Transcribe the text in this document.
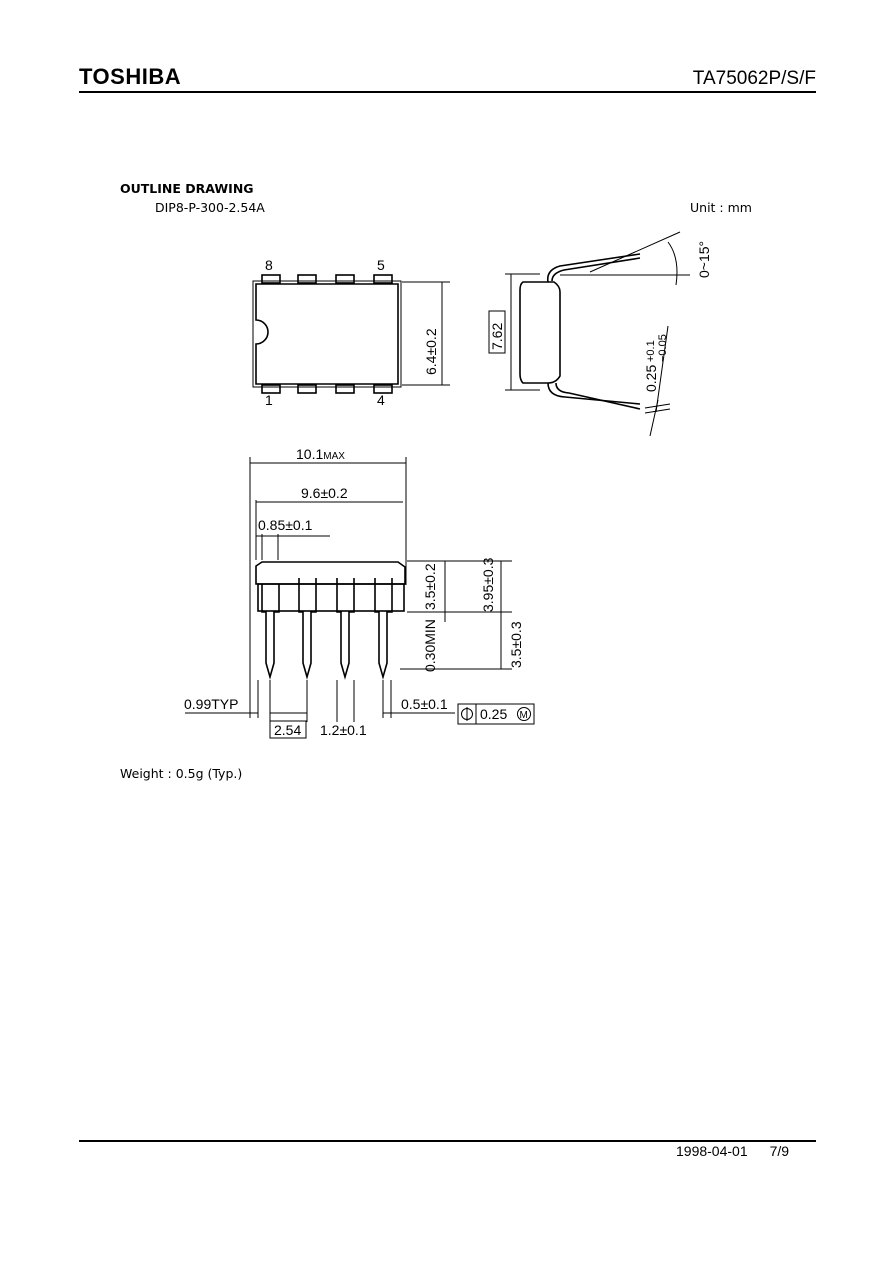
TOSHIBA	TA75062P/S/F
OUTLINE DRAWING
DIP8-P-300-2.54A	Unit : mm
8	5
1	4
6.4±0.2	7.62
0~15°
0.25
+0.1 −0.05
10.1MAX
9.6±0.2
0.85±0.1
3.5±0.2	3.95±0.3
0.30MIN	3.5±0.3
0.99TYP
2.54 1.2±0.1
0.5±0.1
0.25 M
Weight : 0.5g (Typ.)
1998-04-01 7/9
